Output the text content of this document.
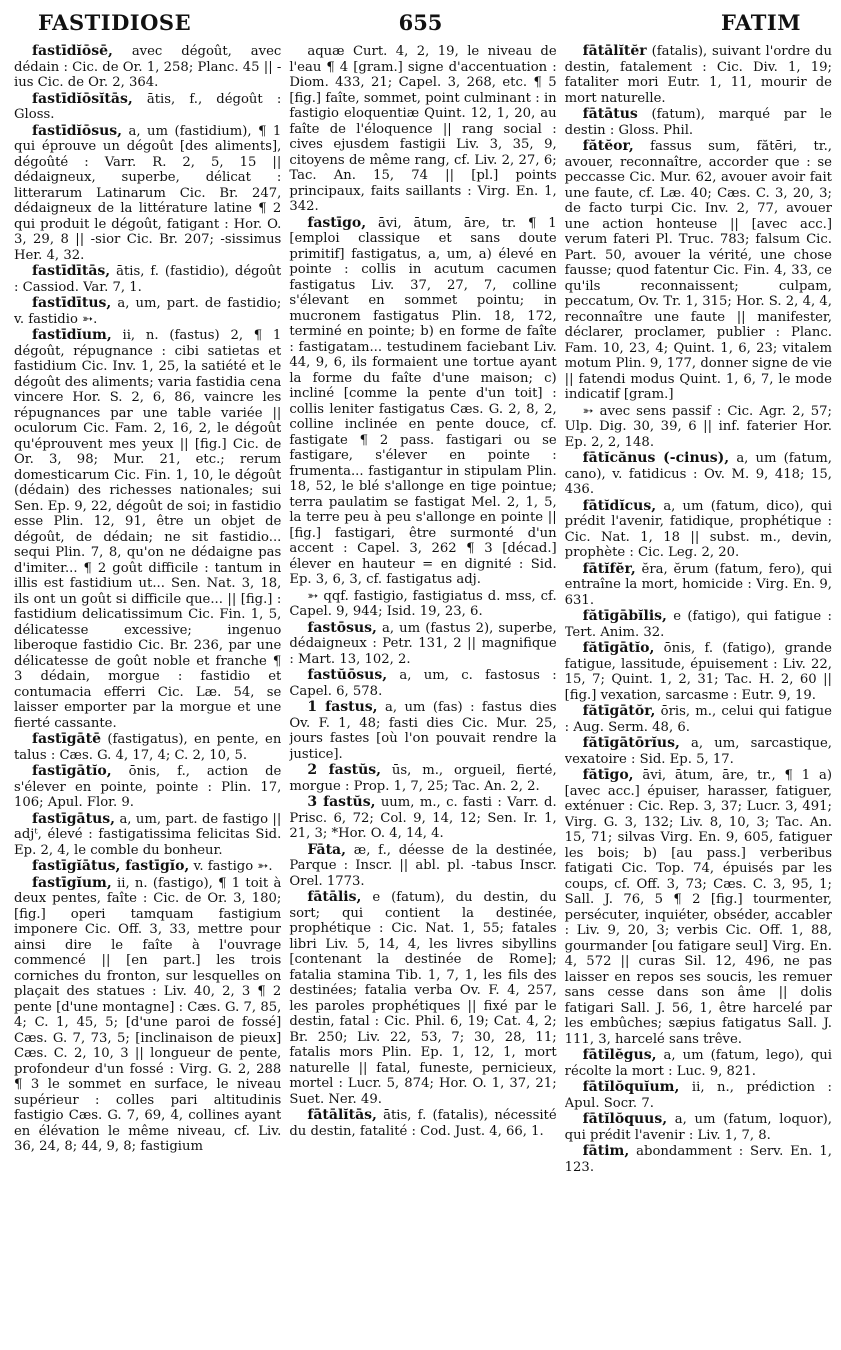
FASTIDIOSE	655	FATIM

fastīdĭōsē, avec dégoût, avec dédain : Cic. de Or. 1, 258; Planc. 45 || -ius Cic. de Or. 2, 364.

fastīdĭōsĭtās, ātis, f., dégoût : Gloss.

fastīdĭōsus, a, um (fastidium), ¶ 1 qui éprouve un dégoût [des aliments], dégoûté : Varr. R. 2, 5, 15 || dédaigneux, superbe, délicat : litterarum Latinarum Cic. Br. 247, dédaigneux de la littérature latine ¶ 2 qui produit le dégoût, fatigant : Hor. O. 3, 29, 8 || -sior Cic. Br. 207; -sissimus Her. 4, 32.

fastīdītās, ātis, f. (fastidio), dégoût : Cassiod. Var. 7, 1.

fastīdītus, a, um, part. de fastidio; v. fastidio ➳.

fastīdĭum, ii, n. (fastus) 2, ¶ 1 dégoût, répugnance : cibi satietas et fastidium Cic. Inv. 1, 25, la satiété et le dégoût des aliments; varia fastidia cena vincere Hor. S. 2, 6, 86, vaincre les répugnances par une table variée || oculorum Cic. Fam. 2, 16, 2, le dégoût qu'éprouvent mes yeux || [fig.] Cic. de Or. 3, 98; Mur. 21, etc.; rerum domesticarum Cic. Fin. 1, 10, le dégoût (dédain) des richesses nationales; sui Sen. Ep. 9, 22, dégoût de soi; in fastidio esse Plin. 12, 91, être un objet de dégoût, de dédain; ne sit fastidio... sequi Plin. 7, 8, qu'on ne dédaigne pas d'imiter... ¶ 2 goût difficile : tantum in illis est fastidium ut... Sen. Nat. 3, 18, ils ont un goût si difficile que... || [fig.] : fastidium delicatissimum Cic. Fin. 1, 5, délicatesse excessive; ingenuo liberoque fastidio Cic. Br. 236, par une délicatesse de goût noble et franche ¶ 3 dédain, morgue : fastidio et contumacia efferri Cic. Læ. 54, se laisser emporter par la morgue et une fierté cassante.

fastīgātē (fastigatus), en pente, en talus : Cæs. G. 4, 17, 4; C. 2, 10, 5.

fastīgātĭo, ōnis, f., action de s'élever en pointe, pointe : Plin. 17, 106; Apul. Flor. 9.

fastīgātus, a, um, part. de fastigo || adjᵗ, élevé : fastigatissima felicitas Sid. Ep. 2, 4, le comble du bonheur.

fastīgĭātus, fastīgĭo, v. fastigo ➳.

fastīgĭum, ii, n. (fastigo), ¶ 1 toit à deux pentes, faîte : Cic. de Or. 3, 180; [fig.] operi tamquam fastigium imponere Cic. Off. 3, 33, mettre pour ainsi dire le faîte à l'ouvrage commencé || [en part.] les trois corniches du fronton, sur lesquelles on plaçait des statues : Liv. 40, 2, 3 ¶ 2 pente [d'une montagne] : Cæs. G. 7, 85, 4; C. 1, 45, 5; [d'une paroi de fossé] Cæs. G. 7, 73, 5; [inclinaison de pieux] Cæs. C. 2, 10, 3 || longueur de pente, profondeur d'un fossé : Virg. G. 2, 288 ¶ 3 le sommet en surface, le niveau supérieur : colles pari altitudinis fastigio Cæs. G. 7, 69, 4, collines ayant en élévation le même niveau, cf. Liv. 36, 24, 8; 44, 9, 8; fastigium

aquæ Curt. 4, 2, 19, le niveau de l'eau ¶ 4 [gram.] signe d'accentuation : Diom. 433, 21; Capel. 3, 268, etc. ¶ 5 [fig.] faîte, sommet, point culminant : in fastigio eloquentiæ Quint. 12, 1, 20, au faîte de l'éloquence || rang social : cives ejusdem fastigii Liv. 3, 35, 9, citoyens de même rang, cf. Liv. 2, 27, 6; Tac. An. 15, 74 || [pl.] points principaux, faits saillants : Virg. En. 1, 342.

fastīgo, āvi, ātum, āre, tr. ¶ 1 [emploi classique et sans doute primitif] fastigatus, a, um, a) élevé en pointe : collis in acutum cacumen fastigatus Liv. 37, 27, 7, colline s'élevant en sommet pointu; in mucronem fastigatus Plin. 18, 172, terminé en pointe; b) en forme de faîte : fastigatam... testudinem faciebant Liv. 44, 9, 6, ils formaient une tortue ayant la forme du faîte d'une maison; c) incliné [comme la pente d'un toit] : collis leniter fastigatus Cæs. G. 2, 8, 2, colline inclinée en pente douce, cf. fastigate ¶ 2 pass. fastigari ou se fastigare, s'élever en pointe : frumenta... fastigantur in stipulam Plin. 18, 52, le blé s'allonge en tige pointue; terra paulatim se fastigat Mel. 2, 1, 5, la terre peu à peu s'allonge en pointe || [fig.] fastigari, être surmonté d'un accent : Capel. 3, 262 ¶ 3 [décad.] élever en hauteur = en dignité : Sid. Ep. 3, 6, 3, cf. fastigatus adj.

➳ qqf. fastigio, fastigiatus d. mss, cf. Capel. 9, 944; Isid. 19, 23, 6.

fastōsus, a, um (fastus 2), superbe, dédaigneux : Petr. 131, 2 || magnifique : Mart. 13, 102, 2.

fastŭōsus, a, um, c. fastosus : Capel. 6, 578.

1 fastus, a, um (fas) : fastus dies Ov. F. 1, 48; fasti dies Cic. Mur. 25, jours fastes [où l'on pouvait rendre la justice].

2 fastŭs, ūs, m., orgueil, fierté, morgue : Prop. 1, 7, 25; Tac. An. 2, 2.

3 fastŭs, uum, m., c. fasti : Varr. d. Prisc. 6, 72; Col. 9, 14, 12; Sen. Ir. 1, 21, 3; *Hor. O. 4, 14, 4.

Fāta, æ, f., déesse de la destinée, Parque : Inscr. || abl. pl. -tabus Inscr. Orel. 1773.

fātālis, e (fatum), du destin, du sort; qui contient la destinée, prophétique : Cic. Nat. 1, 55; fatales libri Liv. 5, 14, 4, les livres sibyllins [contenant la destinée de Rome]; fatalia stamina Tib. 1, 7, 1, les fils des destinées; fatalia verba Ov. F. 4, 257, les paroles prophétiques || fixé par le destin, fatal : Cic. Phil. 6, 19; Cat. 4, 2; Br. 250; Liv. 22, 53, 7; 30, 28, 11; fatalis mors Plin. Ep. 1, 12, 1, mort naturelle || fatal, funeste, pernicieux, mortel : Lucr. 5, 874; Hor. O. 1, 37, 21; Suet. Ner. 49.

fātālĭtās, ātis, f. (fatalis), nécessité du destin, fatalité : Cod. Just. 4, 66, 1.

fātālĭtĕr (fatalis), suivant l'ordre du destin, fatalement : Cic. Div. 1, 19; fataliter mori Eutr. 1, 11, mourir de mort naturelle.

fātātus (fatum), marqué par le destin : Gloss. Phil.

fătĕor, fassus sum, fătēri, tr., avouer, reconnaître, accorder que : se peccasse Cic. Mur. 62, avouer avoir fait une faute, cf. Læ. 40; Cæs. C. 3, 20, 3; de facto turpi Cic. Inv. 2, 77, avouer une action honteuse || [avec acc.] verum fateri Pl. Truc. 783; falsum Cic. Part. 50, avouer la vérité, une chose fausse; quod fatentur Cic. Fin. 4, 33, ce qu'ils reconnaissent; culpam, peccatum, Ov. Tr. 1, 315; Hor. S. 2, 4, 4, reconnaître une faute || manifester, déclarer, proclamer, publier : Planc. Fam. 10, 23, 4; Quint. 1, 6, 23; vitalem motum Plin. 9, 177, donner signe de vie || fatendi modus Quint. 1, 6, 7, le mode indicatif [gram.]

➳ avec sens passif : Cic. Agr. 2, 57; Ulp. Dig. 30, 39, 6 || inf. faterier Hor. Ep. 2, 2, 148.

fātĭcănus (-cinus), a, um (fatum, cano), v. fatidicus : Ov. M. 9, 418; 15, 436.

fātĭdĭcus, a, um (fatum, dico), qui prédit l'avenir, fatidique, prophétique : Cic. Nat. 1, 18 || subst. m., devin, prophète : Cic. Leg. 2, 20.

fātĭfĕr, ĕra, ĕrum (fatum, fero), qui entraîne la mort, homicide : Virg. En. 9, 631.

fătīgābĭlis, e (fatigo), qui fatigue : Tert. Anim. 32.

fătīgātĭo, ōnis, f. (fatigo), grande fatigue, lassitude, épuisement : Liv. 22, 15, 7; Quint. 1, 2, 31; Tac. H. 2, 60 || [fig.] vexation, sarcasme : Eutr. 9, 19.

fătīgātŏr, ōris, m., celui qui fatigue : Aug. Serm. 48, 6.

fătīgātōrĭus, a, um, sarcastique, vexatoire : Sid. Ep. 5, 17.

fătīgo, āvi, ātum, āre, tr., ¶ 1 a) [avec acc.] épuiser, harasser, fatiguer, exténuer : Cic. Rep. 3, 37; Lucr. 3, 491; Virg. G. 3, 132; Liv. 8, 10, 3; Tac. An. 15, 71; silvas Virg. En. 9, 605, fatiguer les bois; b) [au pass.] verberibus fatigati Cic. Top. 74, épuisés par les coups, cf. Off. 3, 73; Cæs. C. 3, 95, 1; Sall. J. 76, 5 ¶ 2 [fig.] tourmenter, persécuter, inquiéter, obséder, accabler : Liv. 9, 20, 3; verbis Cic. Off. 1, 88, gourmander [ou fatigare seul] Virg. En. 4, 572 || curas Sil. 12, 496, ne pas laisser en repos ses soucis, les remuer sans cesse dans son âme || dolis fatigari Sall. J. 56, 1, être harcelé par les embûches; sæpius fatigatus Sall. J. 111, 3, harcelé sans trêve.

fātĭlĕgus, a, um (fatum, lego), qui récolte la mort : Luc. 9, 821.

fātĭlŏquĭum, ii, n., prédiction : Apul. Socr. 7.

fātĭlŏquus, a, um (fatum, loquor), qui prédit l'avenir : Liv. 1, 7, 8.

fātim, abondamment : Serv. En. 1, 123.
